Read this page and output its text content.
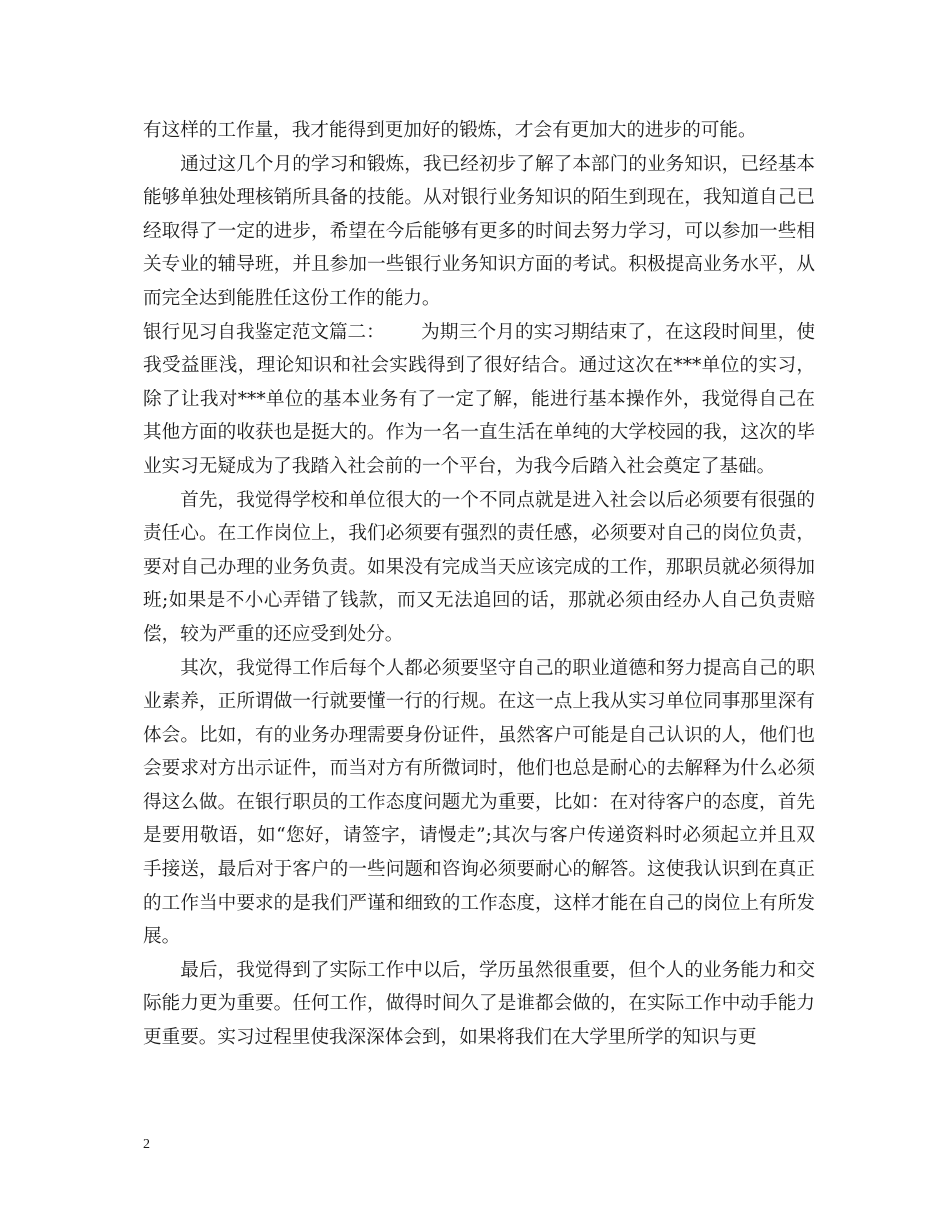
有这样的工作量，我才能得到更加好的锻炼，才会有更加大的进步的可能。

通过这几个月的学习和锻炼，我已经初步了解了本部门的业务知识，已经基本能够单独处理核销所具备的技能。从对银行业务知识的陌生到现在，我知道自己已经取得了一定的进步，希望在今后能够有更多的时间去努力学习，可以参加一些相关专业的辅导班，并且参加一些银行业务知识方面的考试。积极提高业务水平，从而完全达到能胜任这份工作的能力。

银行见习自我鉴定范文篇二： 为期三个月的实习期结束了，在这段时间里，使我受益匪浅，理论知识和社会实践得到了很好结合。通过这次在***单位的实习，除了让我对***单位的基本业务有了一定了解，能进行基本操作外，我觉得自己在其他方面的收获也是挺大的。作为一名一直生活在单纯的大学校园的我，这次的毕业实习无疑成为了我踏入社会前的一个平台，为我今后踏入社会奠定了基础。

首先，我觉得学校和单位很大的一个不同点就是进入社会以后必须要有很强的责任心。在工作岗位上，我们必须要有强烈的责任感，必须要对自己的岗位负责，要对自己办理的业务负责。如果没有完成当天应该完成的工作，那职员就必须得加班;如果是不小心弄错了钱款，而又无法追回的话，那就必须由经办人自己负责赔偿，较为严重的还应受到处分。

其次，我觉得工作后每个人都必须要坚守自己的职业道德和努力提高自己的职业素养，正所谓做一行就要懂一行的行规。在这一点上我从实习单位同事那里深有体会。比如，有的业务办理需要身份证件，虽然客户可能是自己认识的人，他们也会要求对方出示证件，而当对方有所微词时，他们也总是耐心的去解释为什么必须得这么做。在银行职员的工作态度问题尤为重要，比如：在对待客户的态度，首先是要用敬语，如“您好，请签字，请慢走”;其次与客户传递资料时必须起立并且双手接送，最后对于客户的一些问题和咨询必须要耐心的解答。这使我认识到在真正的工作当中要求的是我们严谨和细致的工作态度，这样才能在自己的岗位上有所发展。

最后，我觉得到了实际工作中以后，学历虽然很重要，但个人的业务能力和交际能力更为重要。任何工作，做得时间久了是谁都会做的，在实际工作中动手能力更重要。实习过程里使我深深体会到，如果将我们在大学里所学的知识与更

2
